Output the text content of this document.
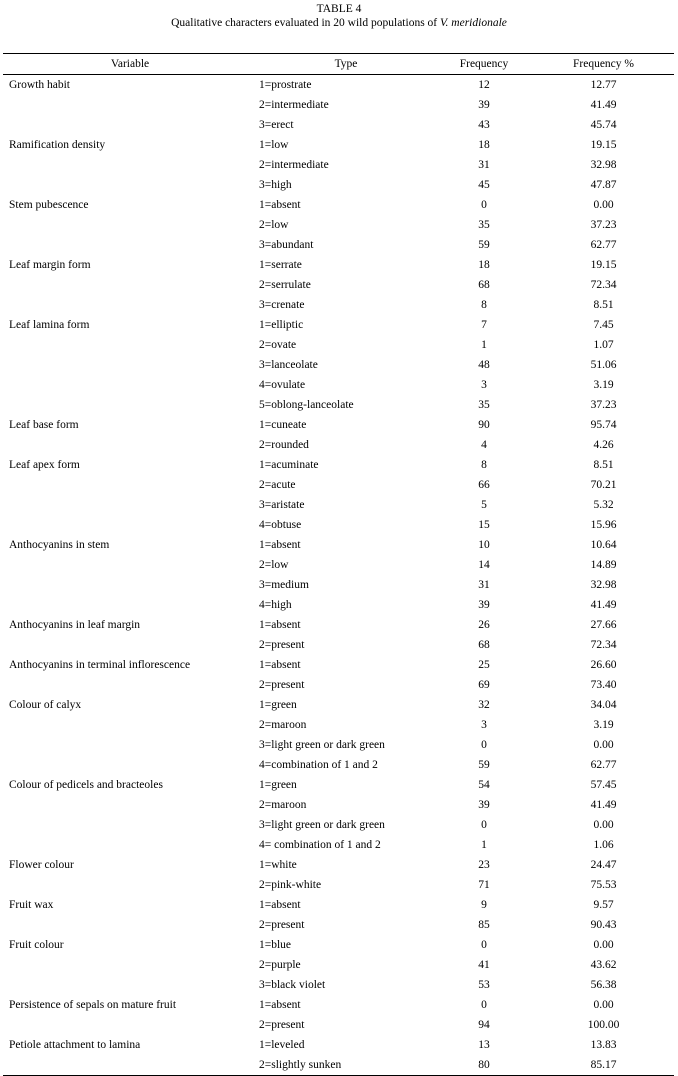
TABLE 4
Qualitative characters evaluated in 20 wild populations of V. meridionale
Variable	Type	Frequency	Frequency %
Growth habit	1=prostrate	12	12.77
	2=intermediate	39	41.49
	3=erect	43	45.74
Ramification density	1=low	18	19.15
	2=intermediate	31	32.98
	3=high	45	47.87
Stem pubescence	1=absent	0	0.00
	2=low	35	37.23
	3=abundant	59	62.77
Leaf margin form	1=serrate	18	19.15
	2=serrulate	68	72.34
	3=crenate	8	8.51
Leaf lamina form	1=elliptic	7	7.45
	2=ovate	1	1.07
	3=lanceolate	48	51.06
	4=ovulate	3	3.19
	5=oblong-lanceolate	35	37.23
Leaf base form	1=cuneate	90	95.74
	2=rounded	4	4.26
Leaf apex form	1=acuminate	8	8.51
	2=acute	66	70.21
	3=aristate	5	5.32
	4=obtuse	15	15.96
Anthocyanins in stem	1=absent	10	10.64
	2=low	14	14.89
	3=medium	31	32.98
	4=high	39	41.49
Anthocyanins in leaf margin	1=absent	26	27.66
	2=present	68	72.34
Anthocyanins in terminal inflorescence	1=absent	25	26.60
	2=present	69	73.40
Colour of calyx	1=green	32	34.04
	2=maroon	3	3.19
	3=light green or dark green	0	0.00
	4=combination of 1 and 2	59	62.77
Colour of pedicels and bracteoles	1=green	54	57.45
	2=maroon	39	41.49
	3=light green or dark green	0	0.00
	4= combination of 1 and 2	1	1.06
Flower colour	1=white	23	24.47
	2=pink-white	71	75.53
Fruit wax	1=absent	9	9.57
	2=present	85	90.43
Fruit colour	1=blue	0	0.00
	2=purple	41	43.62
	3=black violet	53	56.38
Persistence of sepals on mature fruit	1=absent	0	0.00
	2=present	94	100.00
Petiole attachment to lamina	1=leveled	13	13.83
	2=slightly sunken	80	85.17
